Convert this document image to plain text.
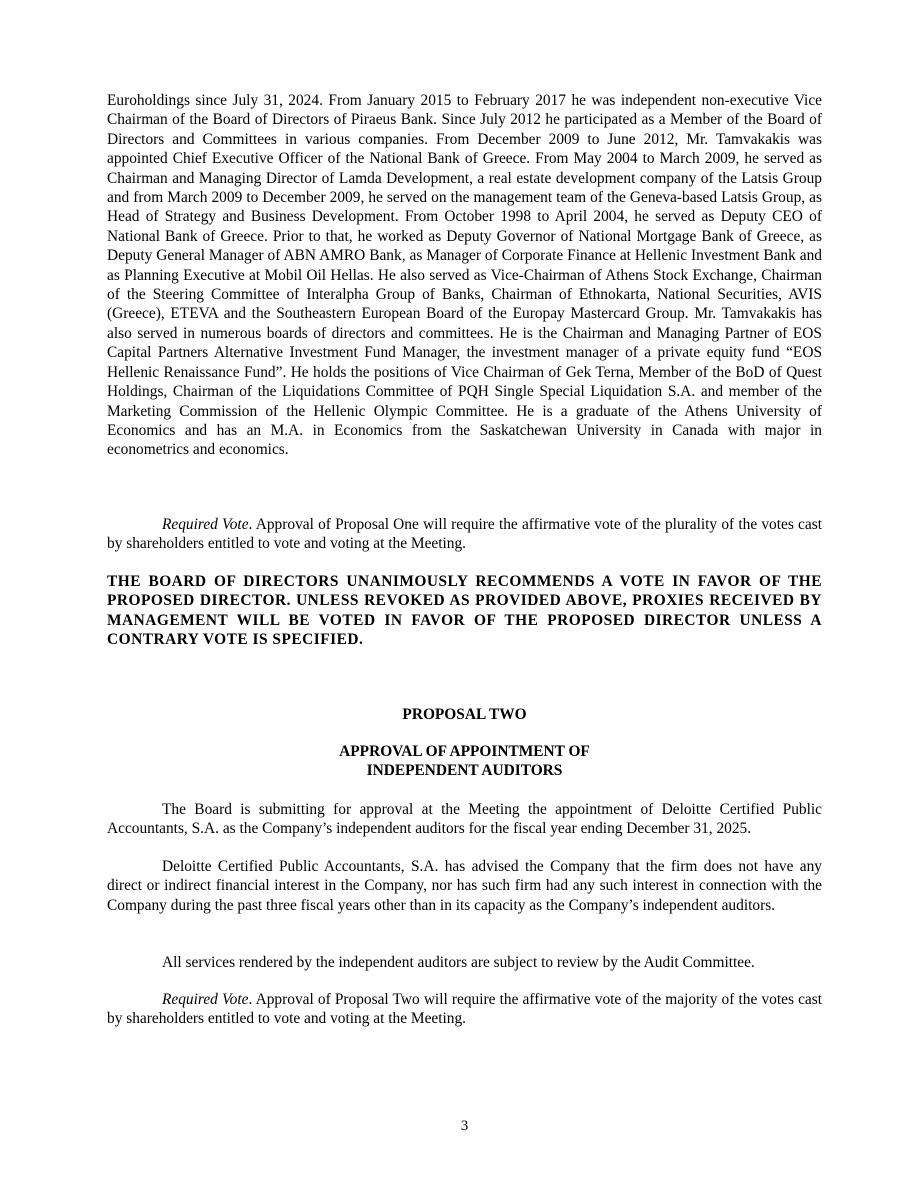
Euroholdings since July 31, 2024. From January 2015 to February 2017 he was independent non-executive Vice Chairman of the Board of Directors of Piraeus Bank. Since July 2012 he participated as a Member of the Board of Directors and Committees in various companies. From December 2009 to June 2012, Mr. Tamvakakis was appointed Chief Executive Officer of the National Bank of Greece. From May 2004 to March 2009, he served as Chairman and Managing Director of Lamda Development, a real estate development company of the Latsis Group and from March 2009 to December 2009, he served on the management team of the Geneva-based Latsis Group, as Head of Strategy and Business Development. From October 1998 to April 2004, he served as Deputy CEO of National Bank of Greece. Prior to that, he worked as Deputy Governor of National Mortgage Bank of Greece, as Deputy General Manager of ABN AMRO Bank, as Manager of Corporate Finance at Hellenic Investment Bank and as Planning Executive at Mobil Oil Hellas. He also served as Vice-Chairman of Athens Stock Exchange, Chairman of the Steering Committee of Interalpha Group of Banks, Chairman of Ethnokarta, National Securities, AVIS (Greece), ETEVA and the Southeastern European Board of the Europay Mastercard Group. Mr. Tamvakakis has also served in numerous boards of directors and committees. He is the Chairman and Managing Partner of EOS Capital Partners Alternative Investment Fund Manager, the investment manager of a private equity fund “EOS Hellenic Renaissance Fund”. He holds the positions of Vice Chairman of Gek Terna, Member of the BoD of Quest Holdings, Chairman of the Liquidations Committee of PQH Single Special Liquidation S.A. and member of the Marketing Commission of the Hellenic Olympic Committee. He is a graduate of the Athens University of Economics and has an M.A. in Economics from the Saskatchewan University in Canada with major in econometrics and economics.

Required Vote. Approval of Proposal One will require the affirmative vote of the plurality of the votes cast by shareholders entitled to vote and voting at the Meeting.

THE BOARD OF DIRECTORS UNANIMOUSLY RECOMMENDS A VOTE IN FAVOR OF THE PROPOSED DIRECTOR. UNLESS REVOKED AS PROVIDED ABOVE, PROXIES RECEIVED BY MANAGEMENT WILL BE VOTED IN FAVOR OF THE PROPOSED DIRECTOR UNLESS A CONTRARY VOTE IS SPECIFIED.

PROPOSAL TWO

APPROVAL OF APPOINTMENT OF
INDEPENDENT AUDITORS

The Board is submitting for approval at the Meeting the appointment of Deloitte Certified Public Accountants, S.A. as the Company’s independent auditors for the fiscal year ending December 31, 2025.

Deloitte Certified Public Accountants, S.A. has advised the Company that the firm does not have any direct or indirect financial interest in the Company, nor has such firm had any such interest in connection with the Company during the past three fiscal years other than in its capacity as the Company’s independent auditors.

All services rendered by the independent auditors are subject to review by the Audit Committee.

Required Vote. Approval of Proposal Two will require the affirmative vote of the majority of the votes cast by shareholders entitled to vote and voting at the Meeting.

3
